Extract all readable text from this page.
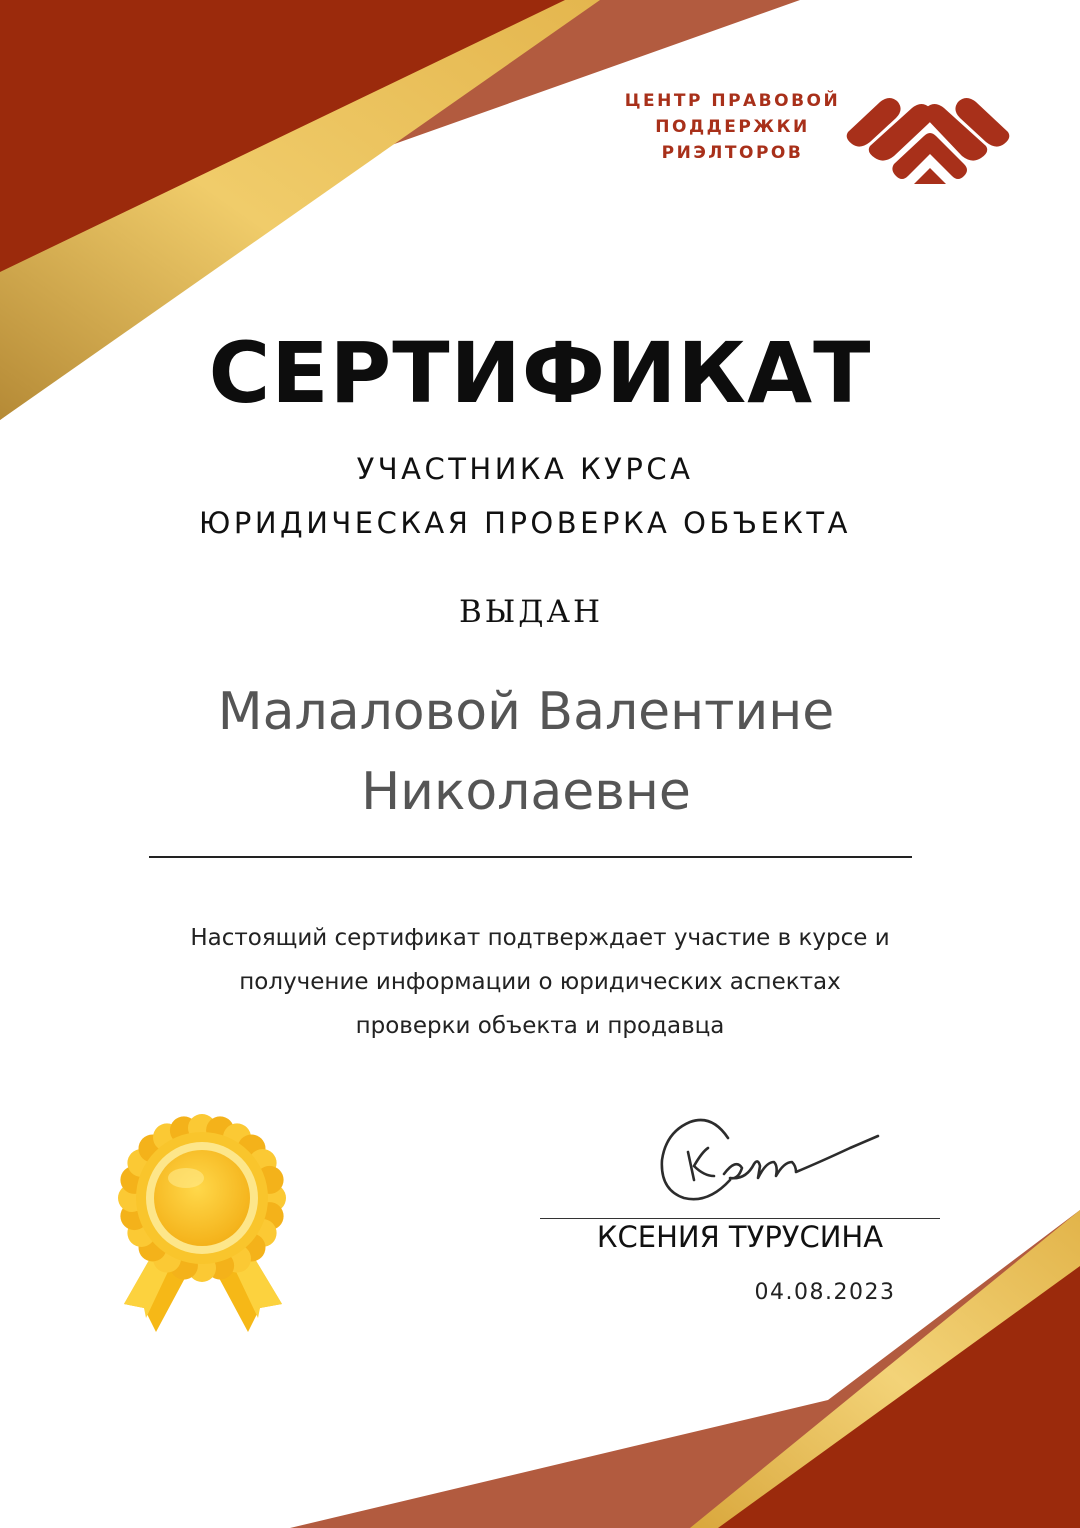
ЦЕНТР ПРАВОВОЙ
ПОДДЕРЖКИ
РИЭЛТОРОВ
СЕРТИФИКАТ
УЧАСТНИКА КУРСА
ЮРИДИЧЕСКАЯ ПРОВЕРКА ОБЪЕКТА
ВЫДАН
Малаловой Валентине
Николаевне
Настоящий сертификат подтверждает участие в курсе и
получение информации о юридических аспектах
проверки объекта и продавца
КСЕНИЯ ТУРУСИНА
04.08.2023
